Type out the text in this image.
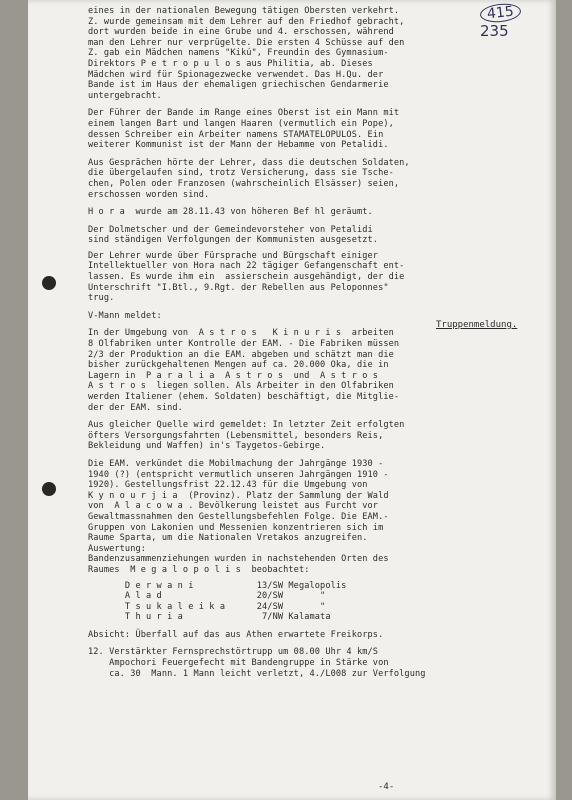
415 235

eines in der nationalen Bewegung tätigen Obersten verkehrt.

Z. wurde gemeinsam mit dem Lehrer auf den Friedhof gebracht,

dort wurden beide in eine Grube und 4. erschossen, während

man den Lehrer nur verprügelte. Die ersten 4 Schüsse auf den

Z. gab ein Mädchen namens "Kikú", Freundin des Gymnasium-

Direktors P e t r o p u l o s aus Philitia, ab. Dieses

Mädchen wird für Spionagezwecke verwendet. Das H.Qu. der

Bande ist im Haus der ehemaligen griechischen Gendarmerie

untergebracht.

Der Führer der Bande im Range eines Oberst ist ein Mann mit

einem langen Bart und langen Haaren (vermutlich ein Pope),

dessen Schreiber ein Arbeiter namens STAMATELOPULOS. Ein

weiterer Kommunist ist der Mann der Hebamme von Petalidi.

Aus Gesprächen hörte der Lehrer, dass die deutschen Soldaten,

die übergelaufen sind, trotz Versicherung, dass sie Tsche-

chen, Polen oder Franzosen (wahrscheinlich Elsässer) seien,

erschossen worden sind.

H o r a  wurde am 28.11.43 von höheren Bef hl geräumt.

Der Dolmetscher und der Gemeindevorsteher von Petalidi

sind ständigen Verfolgungen der Kommunisten ausgesetzt.

Der Lehrer wurde über Fürsprache und Bürgschaft einiger

Intellektueller von Hora nach 22 tägiger Gefangenschaft ent-

lassen. Es wurde ihm ein  assierschein ausgehändigt, der die

Unterschrift "I.Btl., 9.Rgt. der Rebellen aus Peloponnes"

trug.

V-Mann meldet:

In der Umgebung von  A s t r o s   K i n u r i s  arbeiten

8 Olfabriken unter Kontrolle der EAM. - Die Fabriken müssen

2/3 der Produktion an die EAM. abgeben und schätzt man die

bisher zurückgehaltenen Mengen auf ca. 20.000 Oka, die in

Lagern in  P a r a l i a  A s t r o s  und  A s t r o s

A s t r o s  liegen sollen. Als Arbeiter in den Olfabriken

werden Italiener (ehem. Soldaten) beschäftigt, die Mitglie-

der der EAM. sind.

Aus gleicher Quelle wird gemeldet: In letzter Zeit erfolgten

öfters Versorgungsfahrten (Lebensmittel, besonders Reis,

Bekleidung und Waffen) in's Taygetos-Gebirge.

Die EAM. verkündet die Mobilmachung der Jahrgänge 1930 -

1940 (?) (entspricht vermutlich unseren Jahrgängen 1910 -

1920). Gestellungsfrist 22.12.43 für die Umgebung von

K y n o u r j i a  (Provinz). Platz der Sammlung der Wald

von  A l a c o w a . Bevölkerung leistet aus Furcht vor

Gewaltmassnahmen den Gestellungsbefehlen Folge. Die EAM.-

Gruppen von Lakonien und Messenien konzentrieren sich im

Raume Sparta, um die Nationalen Vretakos anzugreifen.

Auswertung:

Bandenzusammenziehungen wurden in nachstehenden Orten des

Raumes  M e g a l o p o l i s  beobachtet:

D e r w a n i            13/SW Megalopolis

A l a d                  20/SW       "

T s u k a l e i k a      24/SW       "

T h u r i a               7/NW Kalamata

Absicht: Überfall auf das aus Athen erwartete Freikorps.

12. Verstärkter Fernsprechstörtrupp um 08.00 Uhr 4 km/S

Ampochori Feuergefecht mit Bandengruppe in Stärke von

ca. 30  Mann. 1 Mann leicht verletzt, 4./L008 zur Verfolgung

Truppenmeldung.
-4-
